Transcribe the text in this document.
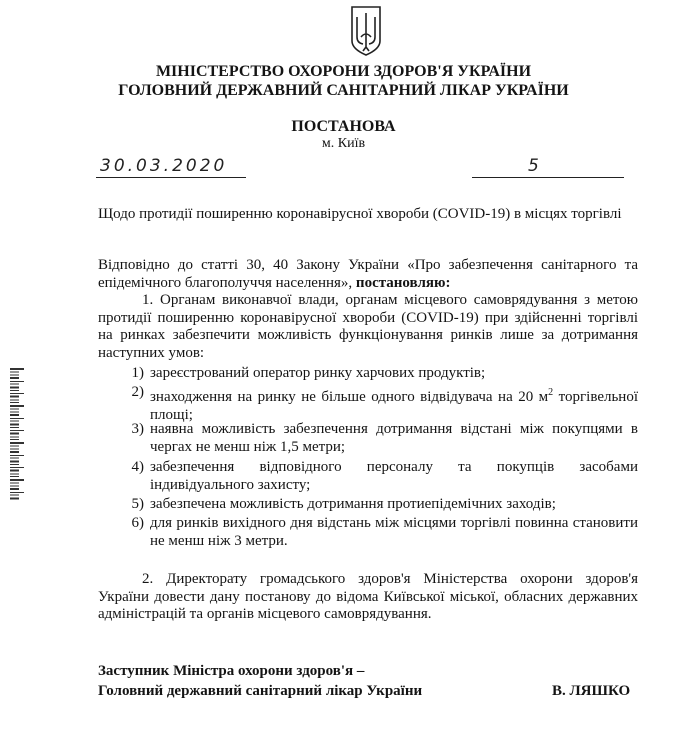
МІНІСТЕРСТВО ОХОРОНИ ЗДОРОВ'Я УКРАЇНИ
ГОЛОВНИЙ ДЕРЖАВНИЙ САНІТАРНИЙ ЛІКАР УКРАЇНИ
ПОСТАНОВА
м. Київ
30.03.2020	5
Щодо протидії поширенню коронавірусної хвороби (COVID-19) в місцях торгівлі
Відповідно до статті 30, 40 Закону України «Про забезпечення санітарного та епідемічного благополуччя населення», постановляю:
1. Органам виконавчої влади, органам місцевого самоврядування з метою протидії поширенню коронавірусної хвороби (COVID-19) при здійсненні торгівлі на ринках забезпечити можливість функціонування ринків лише за дотримання наступних умов:
1) зареєстрований оператор ринку харчових продуктів;
2) знаходження на ринку не більше одного відвідувача на 20 $м^2$ торгівельної площі;
3) наявна можливість забезпечення дотримання відстані між покупцями в чергах не менш ніж 1,5 метри;
4) забезпечення відповідного персоналу та покупців засобами індивідуального захисту;
5) забезпечена можливість дотримання протиепідемічних заходів;
6) для ринків вихідного дня відстань між місцями торгівлі повинна становити не менш ніж 3 метри.
2. Директорату громадського здоров'я Міністерства охорони здоров'я України довести дану постанову до відома Київської міської, обласних державних адміністрацій та органів місцевого самоврядування.
Заступник Міністра охорони здоров'я –
Головний державний санітарний лікар України	В. ЛЯШКО
